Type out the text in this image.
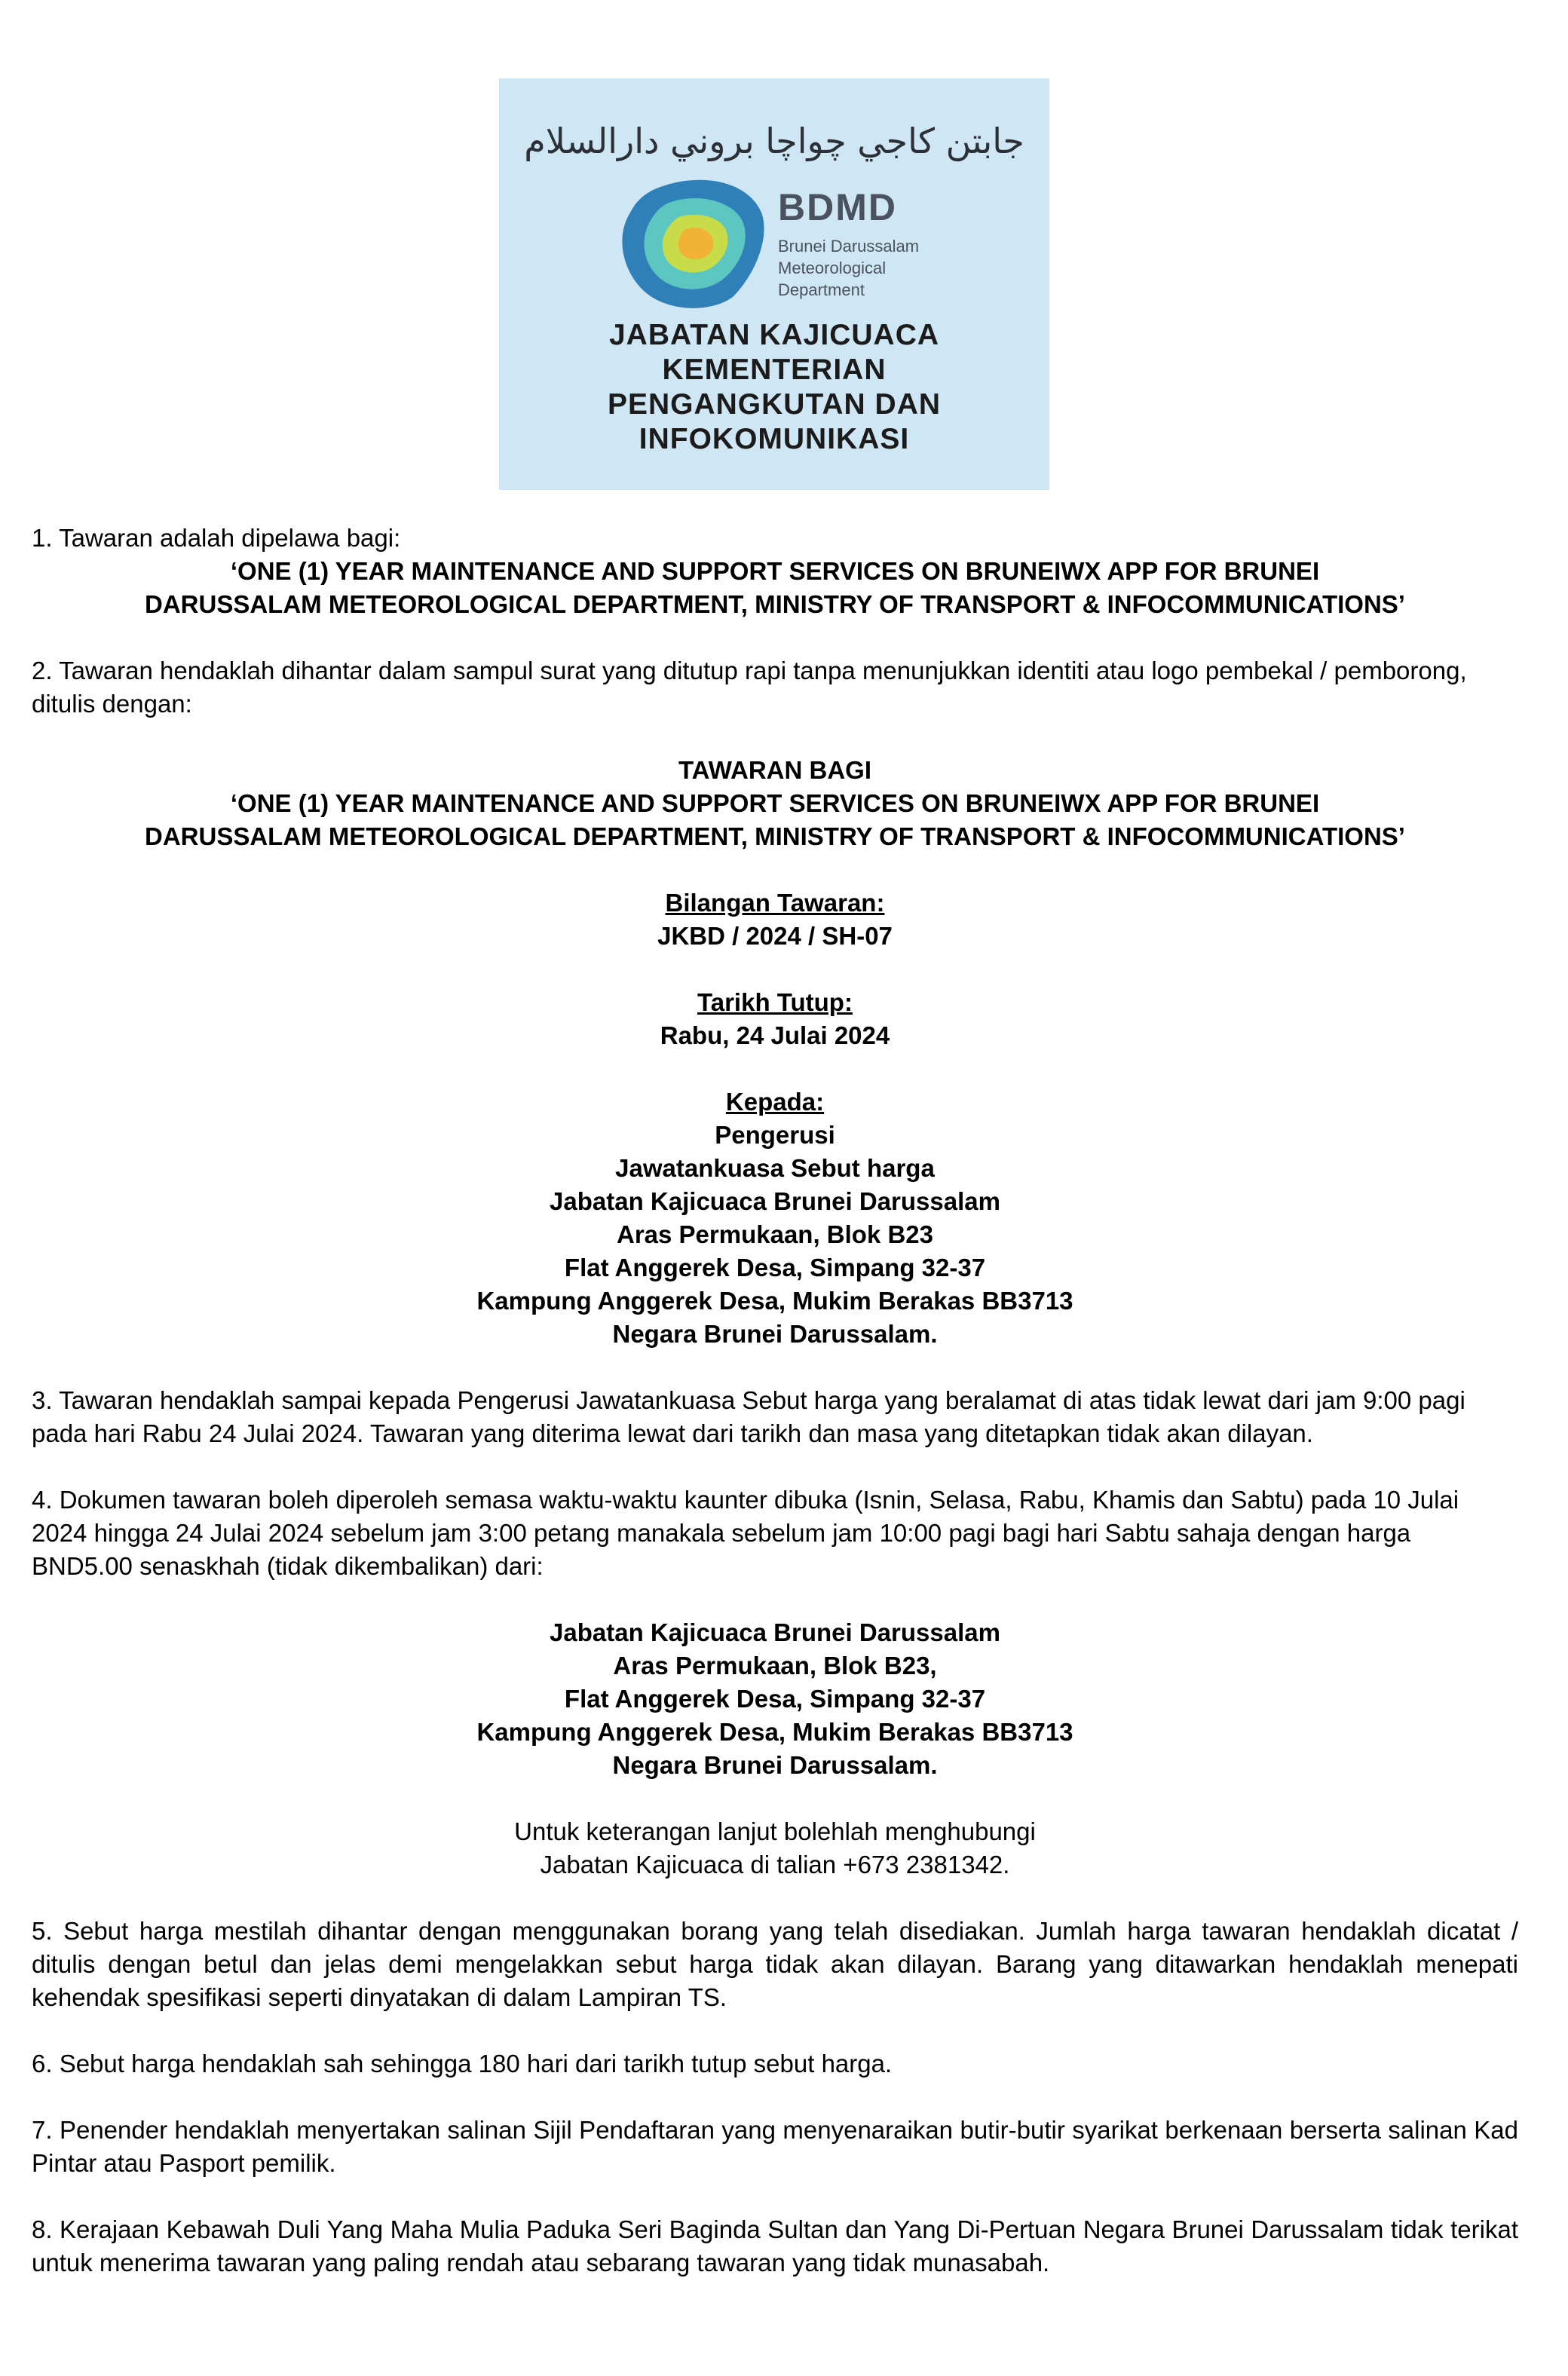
جابتن كاجي چواچا بروني دارالسلام
BDMD
Brunei Darussalam
Meteorological
Department
JABATAN KAJICUACA
KEMENTERIAN
PENGANGKUTAN DAN
INFOKOMUNIKASI

1. Tawaran adalah dipelawa bagi:

‘ONE (1) YEAR MAINTENANCE AND SUPPORT SERVICES ON BRUNEIWX APP FOR BRUNEI
DARUSSALAM METEOROLOGICAL DEPARTMENT, MINISTRY OF TRANSPORT & INFOCOMMUNICATIONS’

2. Tawaran hendaklah dihantar dalam sampul surat yang ditutup rapi tanpa menunjukkan identiti atau logo pembekal / pemborong, ditulis dengan:

TAWARAN BAGI
‘ONE (1) YEAR MAINTENANCE AND SUPPORT SERVICES ON BRUNEIWX APP FOR BRUNEI
DARUSSALAM METEOROLOGICAL DEPARTMENT, MINISTRY OF TRANSPORT & INFOCOMMUNICATIONS’
Bilangan Tawaran:
JKBD / 2024 / SH-07
Tarikh Tutup:
Rabu, 24 Julai 2024
Kepada:
Pengerusi
Jawatankuasa Sebut harga
Jabatan Kajicuaca Brunei Darussalam
Aras Permukaan, Blok B23
Flat Anggerek Desa, Simpang 32-37
Kampung Anggerek Desa, Mukim Berakas BB3713
Negara Brunei Darussalam.

3. Tawaran hendaklah sampai kepada Pengerusi Jawatankuasa Sebut harga yang beralamat di atas tidak lewat dari jam 9:00 pagi pada hari Rabu 24 Julai 2024. Tawaran yang diterima lewat dari tarikh dan masa yang ditetapkan tidak akan dilayan.

4. Dokumen tawaran boleh diperoleh semasa waktu-waktu kaunter dibuka (Isnin, Selasa, Rabu, Khamis dan Sabtu) pada 10 Julai 2024 hingga 24 Julai 2024 sebelum jam 3:00 petang manakala sebelum jam 10:00 pagi bagi hari Sabtu sahaja dengan harga BND5.00 senaskhah (tidak dikembalikan) dari:

Jabatan Kajicuaca Brunei Darussalam
Aras Permukaan, Blok B23,
Flat Anggerek Desa, Simpang 32-37
Kampung Anggerek Desa, Mukim Berakas BB3713
Negara Brunei Darussalam.
Untuk keterangan lanjut bolehlah menghubungi
Jabatan Kajicuaca di talian +673 2381342.

5. Sebut harga mestilah dihantar dengan menggunakan borang yang telah disediakan. Jumlah harga tawaran hendaklah dicatat / ditulis dengan betul dan jelas demi mengelakkan sebut harga tidak akan dilayan. Barang yang ditawarkan hendaklah menepati kehendak spesifikasi seperti dinyatakan di dalam Lampiran TS.

6. Sebut harga hendaklah sah sehingga 180 hari dari tarikh tutup sebut harga.

7. Penender hendaklah menyertakan salinan Sijil Pendaftaran yang menyenaraikan butir-butir syarikat berkenaan berserta salinan Kad Pintar atau Pasport pemilik.

8. Kerajaan Kebawah Duli Yang Maha Mulia Paduka Seri Baginda Sultan dan Yang Di-Pertuan Negara Brunei Darussalam tidak terikat untuk menerima tawaran yang paling rendah atau sebarang tawaran yang tidak munasabah.
